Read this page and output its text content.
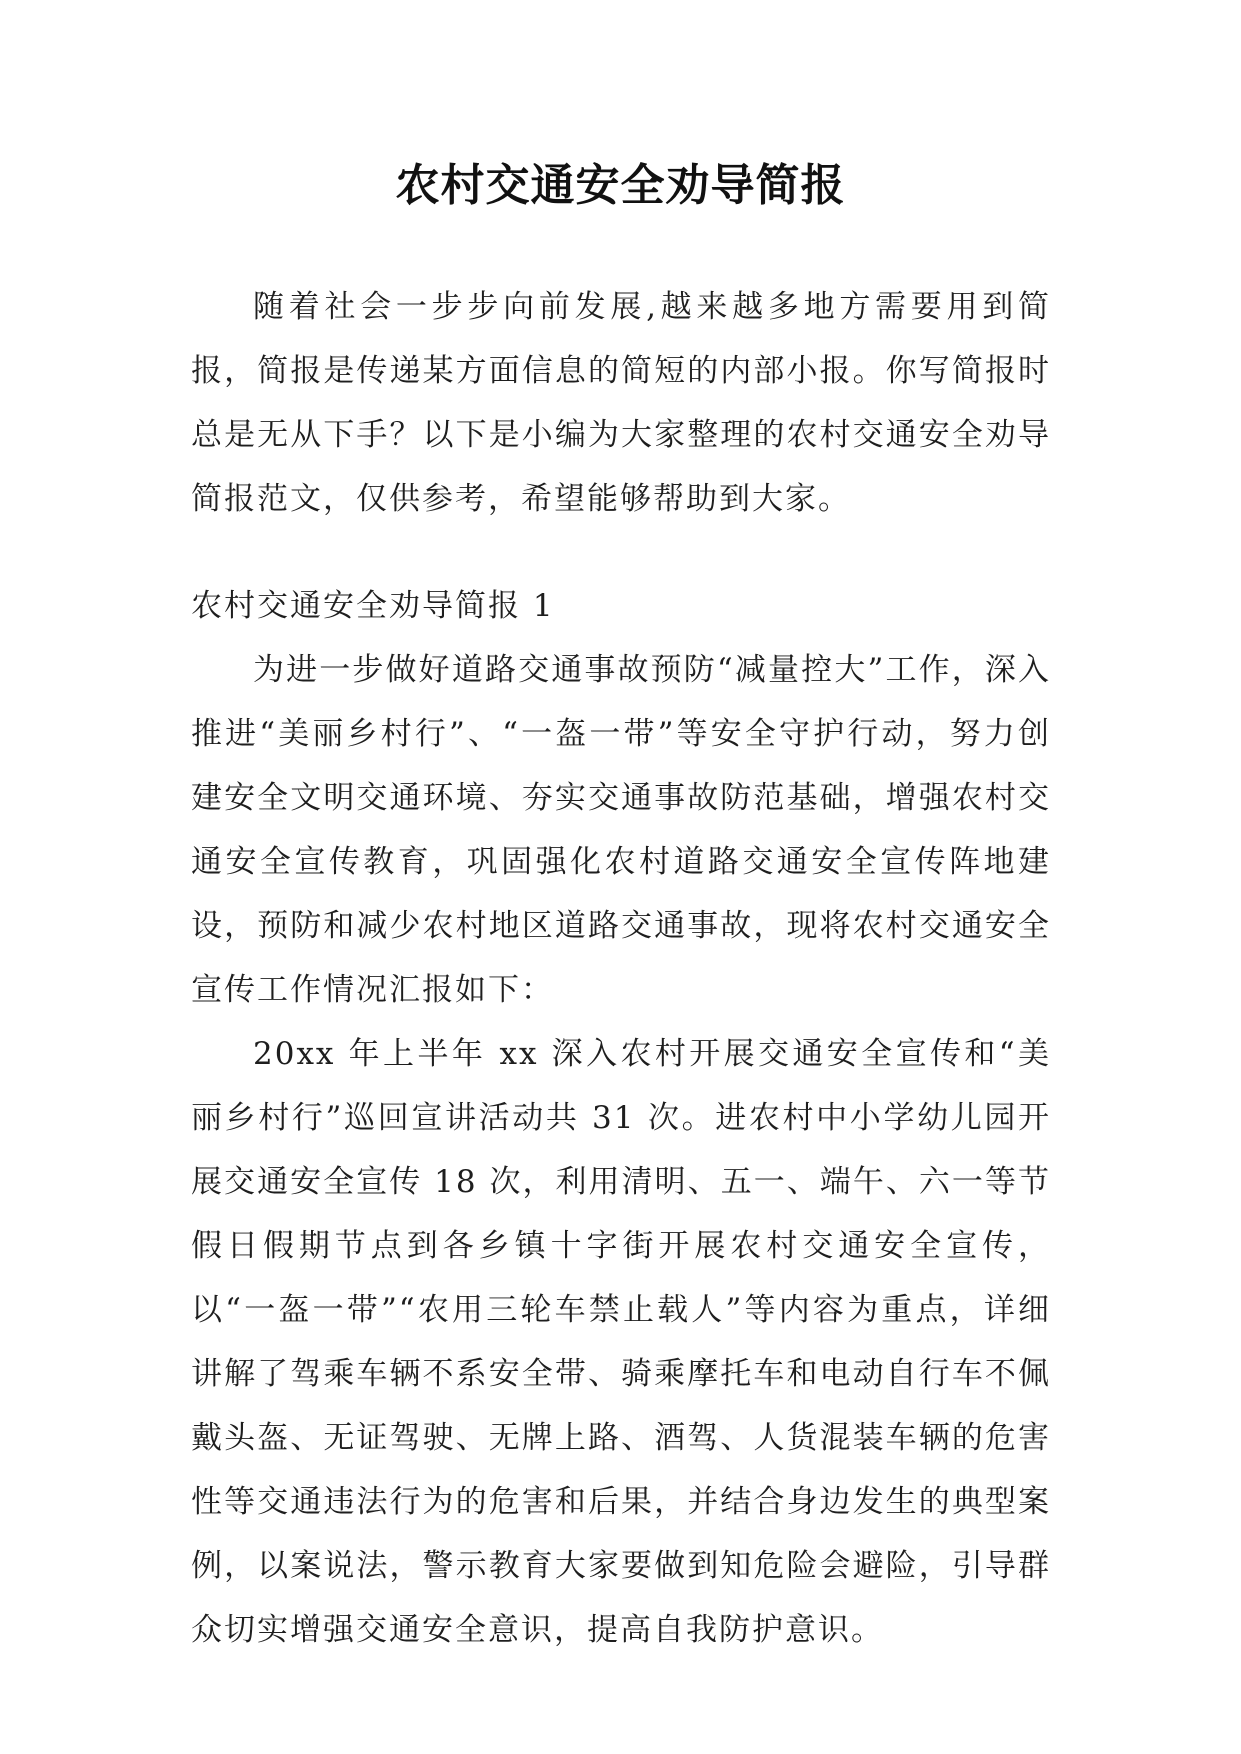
农村交通安全劝导简报

随着社会一步步向前发展,越来越多地方需要用到简报，简报是传递某方面信息的简短的内部小报。你写简报时总是无从下手？以下是小编为大家整理的农村交通安全劝导简报范文，仅供参考，希望能够帮助到大家。

农村交通安全劝导简报 1

为进一步做好道路交通事故预防“减量控大”工作，深入推进“美丽乡村行”、“一盔一带”等安全守护行动，努力创建安全文明交通环境、夯实交通事故防范基础，增强农村交通安全宣传教育，巩固强化农村道路交通安全宣传阵地建设，预防和减少农村地区道路交通事故，现将农村交通安全宣传工作情况汇报如下：

20xx 年上半年 xx 深入农村开展交通安全宣传和“美丽乡村行”巡回宣讲活动共 31 次。进农村中小学幼儿园开展交通安全宣传 18 次，利用清明、五一、端午、六一等节假日假期节点到各乡镇十字街开展农村交通安全宣传，以“一盔一带”“农用三轮车禁止载人”等内容为重点，详细讲解了驾乘车辆不系安全带、骑乘摩托车和电动自行车不佩戴头盔、无证驾驶、无牌上路、酒驾、人货混装车辆的危害性等交通违法行为的危害和后果，并结合身边发生的典型案例，以案说法，警示教育大家要做到知危险会避险，引导群众切实增强交通安全意识，提高自我防护意识。
